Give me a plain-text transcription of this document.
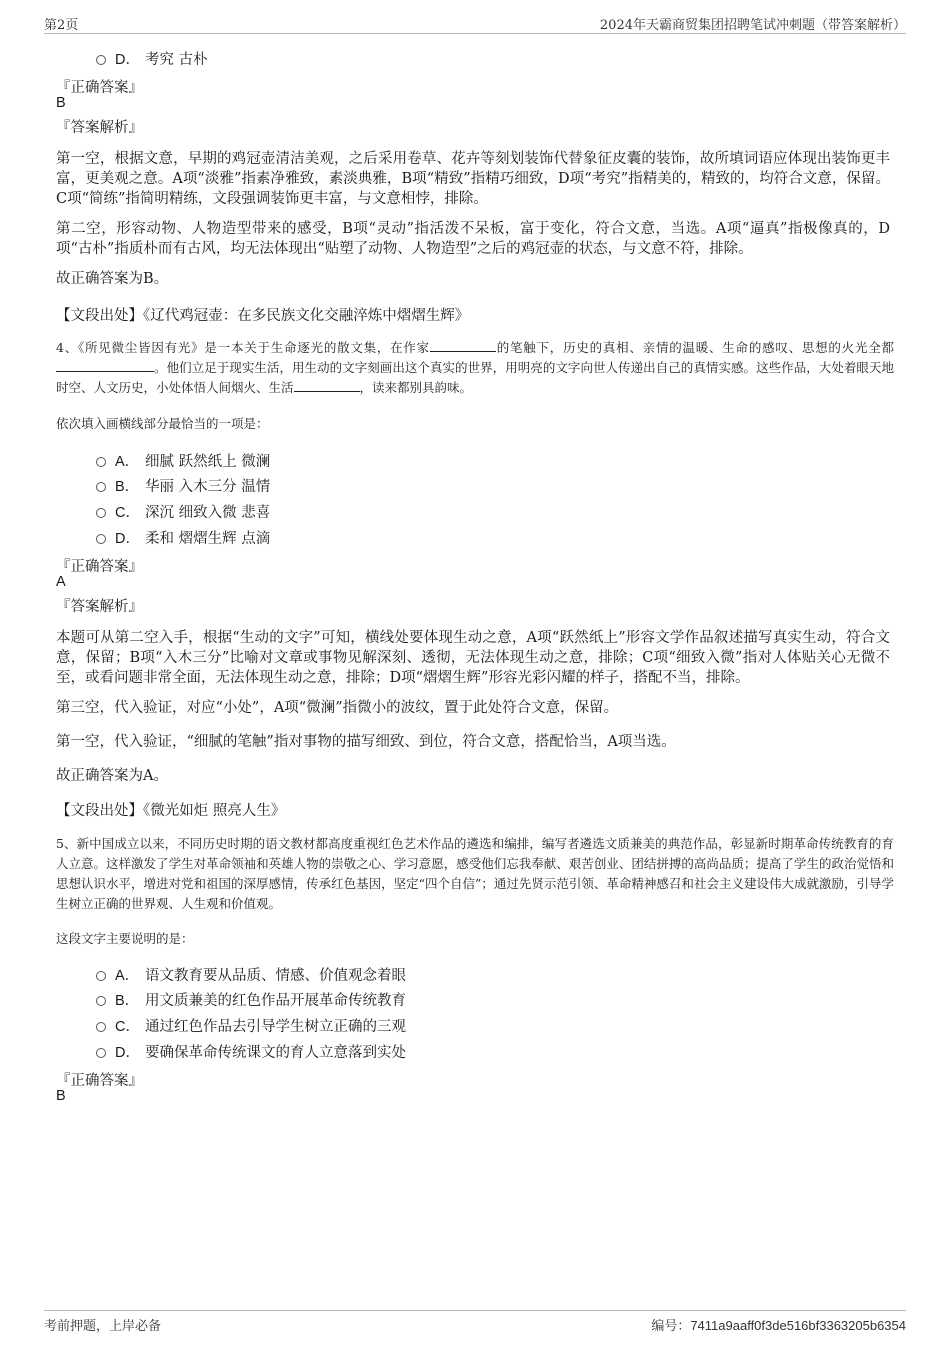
第2页	2024年天霸商贸集团招聘笔试冲刺题（带答案解析）
D． 考究 古朴
『正确答案』
B
『答案解析』
第一空，根据文意，早期的鸡冠壶清洁美观，之后采用卷草、花卉等刻划装饰代替象征皮囊的装饰，故所填词语应体现出装饰更丰富，更美观之意。A项“淡雅”指素净雅致，素淡典雅，B项“精致”指精巧细致，D项“考究”指精美的，精致的，均符合文意，保留。C项“简练”指简明精练，文段强调装饰更丰富，与文意相悖，排除。
第二空，形容动物、人物造型带来的感受，B项“灵动”指活泼不呆板，富于变化，符合文意，当选。A项“逼真”指极像真的，D项“古朴”指质朴而有古风，均无法体现出“贴塑了动物、人物造型”之后的鸡冠壶的状态，与文意不符，排除。
故正确答案为B。
【文段出处】《辽代鸡冠壶：在多民族文化交融淬炼中熠熠生辉》
4、《所见微尘皆因有光》是一本关于生命逐光的散文集，在作家	的笔触下，历史的真相、亲情的温暖、生命的感叹、思想的火光全都。他们立足于现实生活，用生动的文字刻画出这个真实的世界，用明亮的文字向世人传递出自己的真情实感。这些作品，大处着眼天地时空、人文历史，小处体悟人间烟火、生活	，读来都别具韵味。
依次填入画横线部分最恰当的一项是：
A． 细腻 跃然纸上 微澜
B． 华丽 入木三分 温情
C． 深沉 细致入微 悲喜
D． 柔和 熠熠生辉 点滴
『正确答案』
A
『答案解析』
本题可从第二空入手，根据“生动的文字”可知，横线处要体现生动之意，A项“跃然纸上”形容文学作品叙述描写真实生动，符合文意，保留；B项“入木三分”比喻对文章或事物见解深刻、透彻，无法体现生动之意，排除；C项“细致入微”指对人体贴关心无微不至，或看问题非常全面，无法体现生动之意，排除；D项“熠熠生辉”形容光彩闪耀的样子，搭配不当，排除。
第三空，代入验证，对应“小处”，A项“微澜”指微小的波纹，置于此处符合文意，保留。
第一空，代入验证，“细腻的笔触”指对事物的描写细致、到位，符合文意，搭配恰当，A项当选。
故正确答案为A。
【文段出处】《微光如炬 照亮人生》
5、新中国成立以来，不同历史时期的语文教材都高度重视红色艺术作品的遴选和编排，编写者遴选文质兼美的典范作品，彰显新时期革命传统教育的育人立意。这样激发了学生对革命领袖和英雄人物的崇敬之心、学习意愿，感受他们忘我奉献、艰苦创业、团结拼搏的高尚品质；提高了学生的政治觉悟和思想认识水平，增进对党和祖国的深厚感情，传承红色基因，坚定“四个自信”；通过先贤示范引领、革命精神感召和社会主义建设伟大成就激励，引导学生树立正确的世界观、人生观和价值观。
这段文字主要说明的是：
A． 语文教育要从品质、情感、价值观念着眼
B． 用文质兼美的红色作品开展革命传统教育
C． 通过红色作品去引导学生树立正确的三观
D． 要确保革命传统课文的育人立意落到实处
『正确答案』
B
考前押题，上岸必备	编号：7411a9aaff0f3de516bf3363205b6354
